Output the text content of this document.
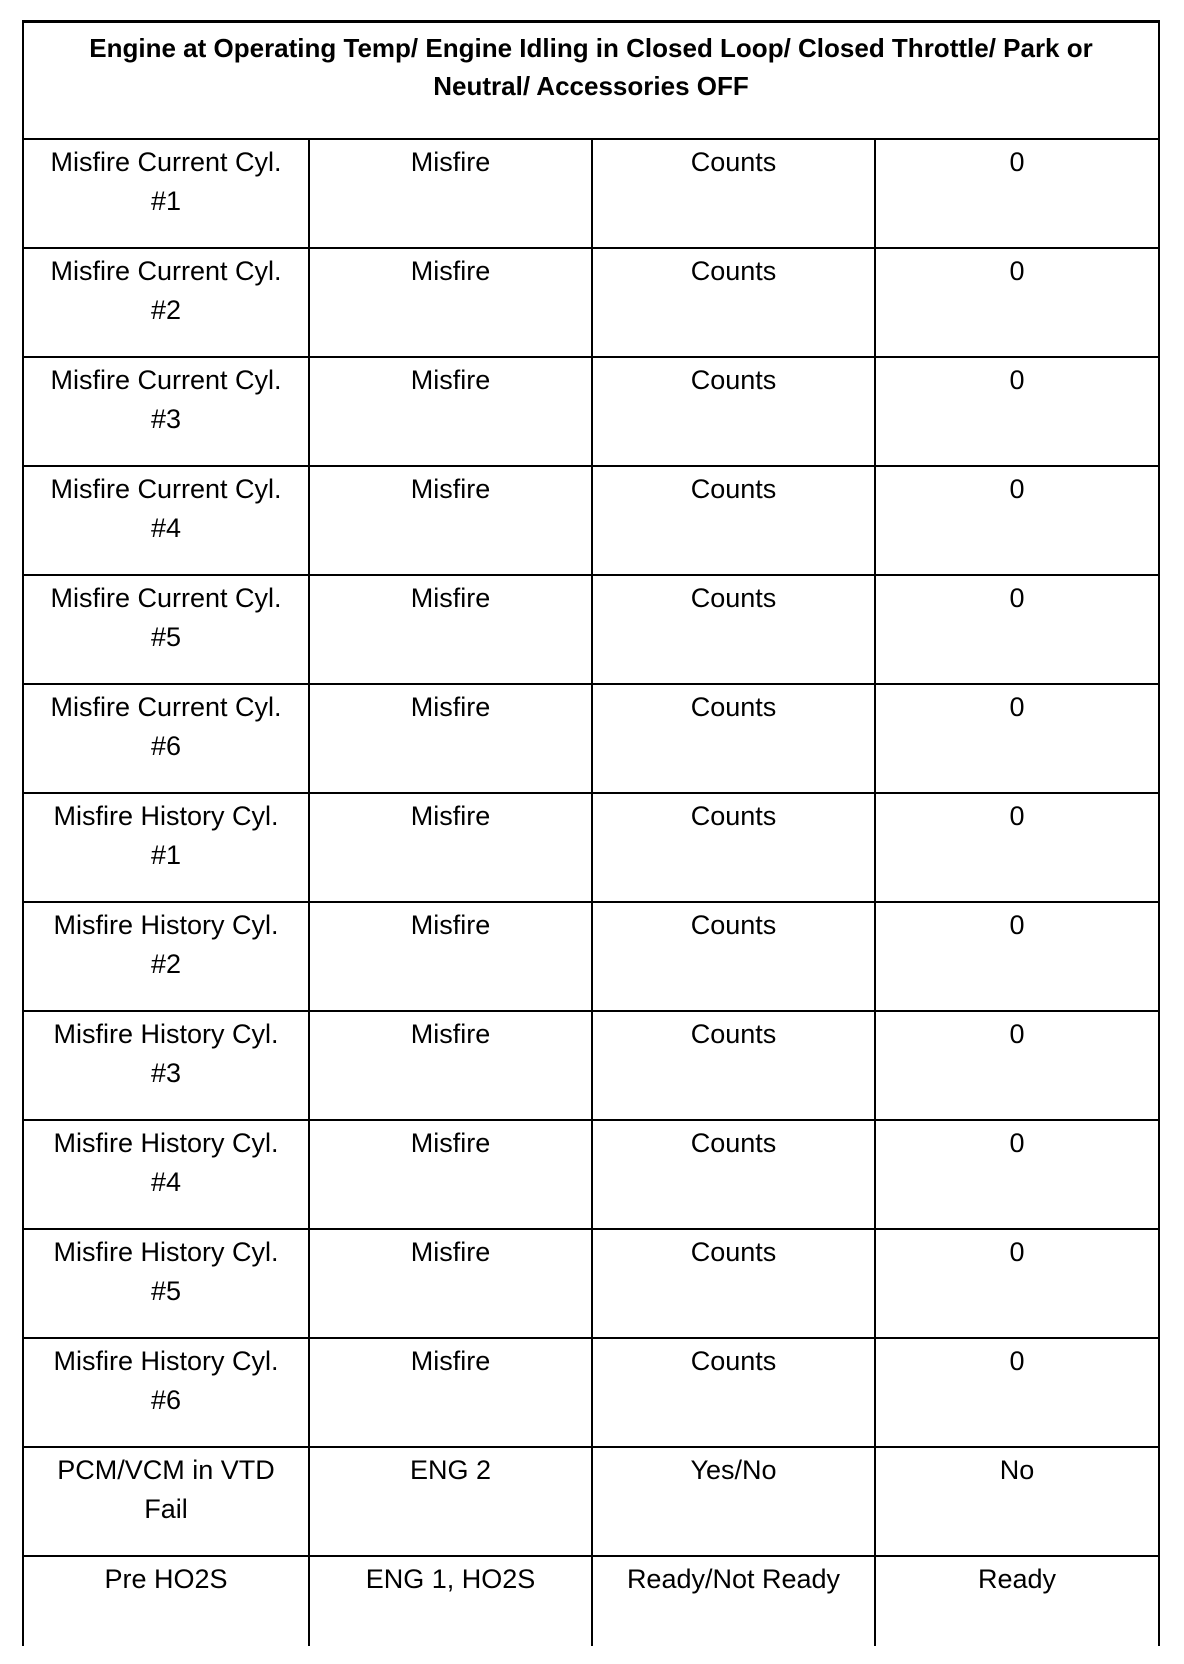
Engine at Operating Temp/ Engine Idling in Closed Loop/ Closed Throttle/ Park or Neutral/ Accessories OFF			

Misfire Current Cyl.
#1	Misfire	Counts	0

Misfire Current Cyl.
#2	Misfire	Counts	0

Misfire Current Cyl.
#3	Misfire	Counts	0

Misfire Current Cyl.
#4	Misfire	Counts	0

Misfire Current Cyl.
#5	Misfire	Counts	0

Misfire Current Cyl.
#6	Misfire	Counts	0

Misfire History Cyl.
#1	Misfire	Counts	0

Misfire History Cyl.
#2	Misfire	Counts	0

Misfire History Cyl.
#3	Misfire	Counts	0

Misfire History Cyl.
#4	Misfire	Counts	0

Misfire History Cyl.
#5	Misfire	Counts	0

Misfire History Cyl.
#6	Misfire	Counts	0

PCM/VCM in VTD
Fail	ENG 2	Yes/No	No

Pre HO2S	ENG 1, HO2S	Ready/Not Ready	Ready
